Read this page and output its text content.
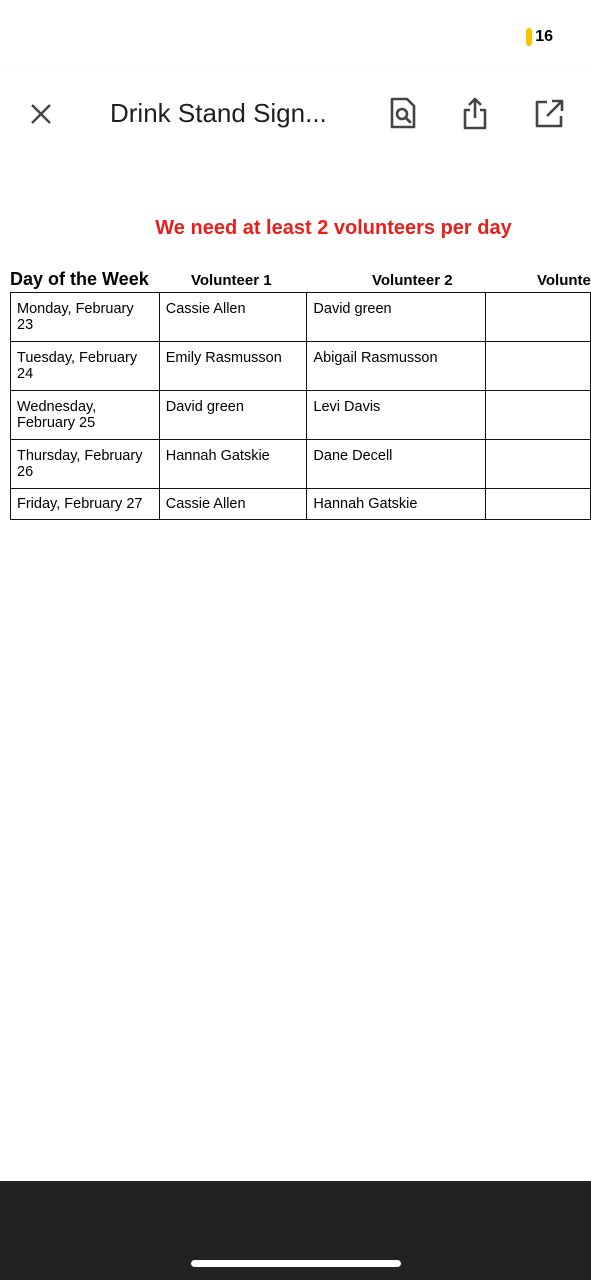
16
Drink Stand Sign...
We need at least 2 volunteers per day
Day of the Week	Volunteer 1	Volunteer 2	Volunte
Monday, February 23	Cassie Allen	David green	
Tuesday, February 24	Emily Rasmusson	Abigail Rasmusson	
Wednesday, February 25	David green	Levi Davis	
Thursday, February 26	Hannah Gatskie	Dane Decell	
Friday, February 27	Cassie Allen	Hannah Gatskie	
